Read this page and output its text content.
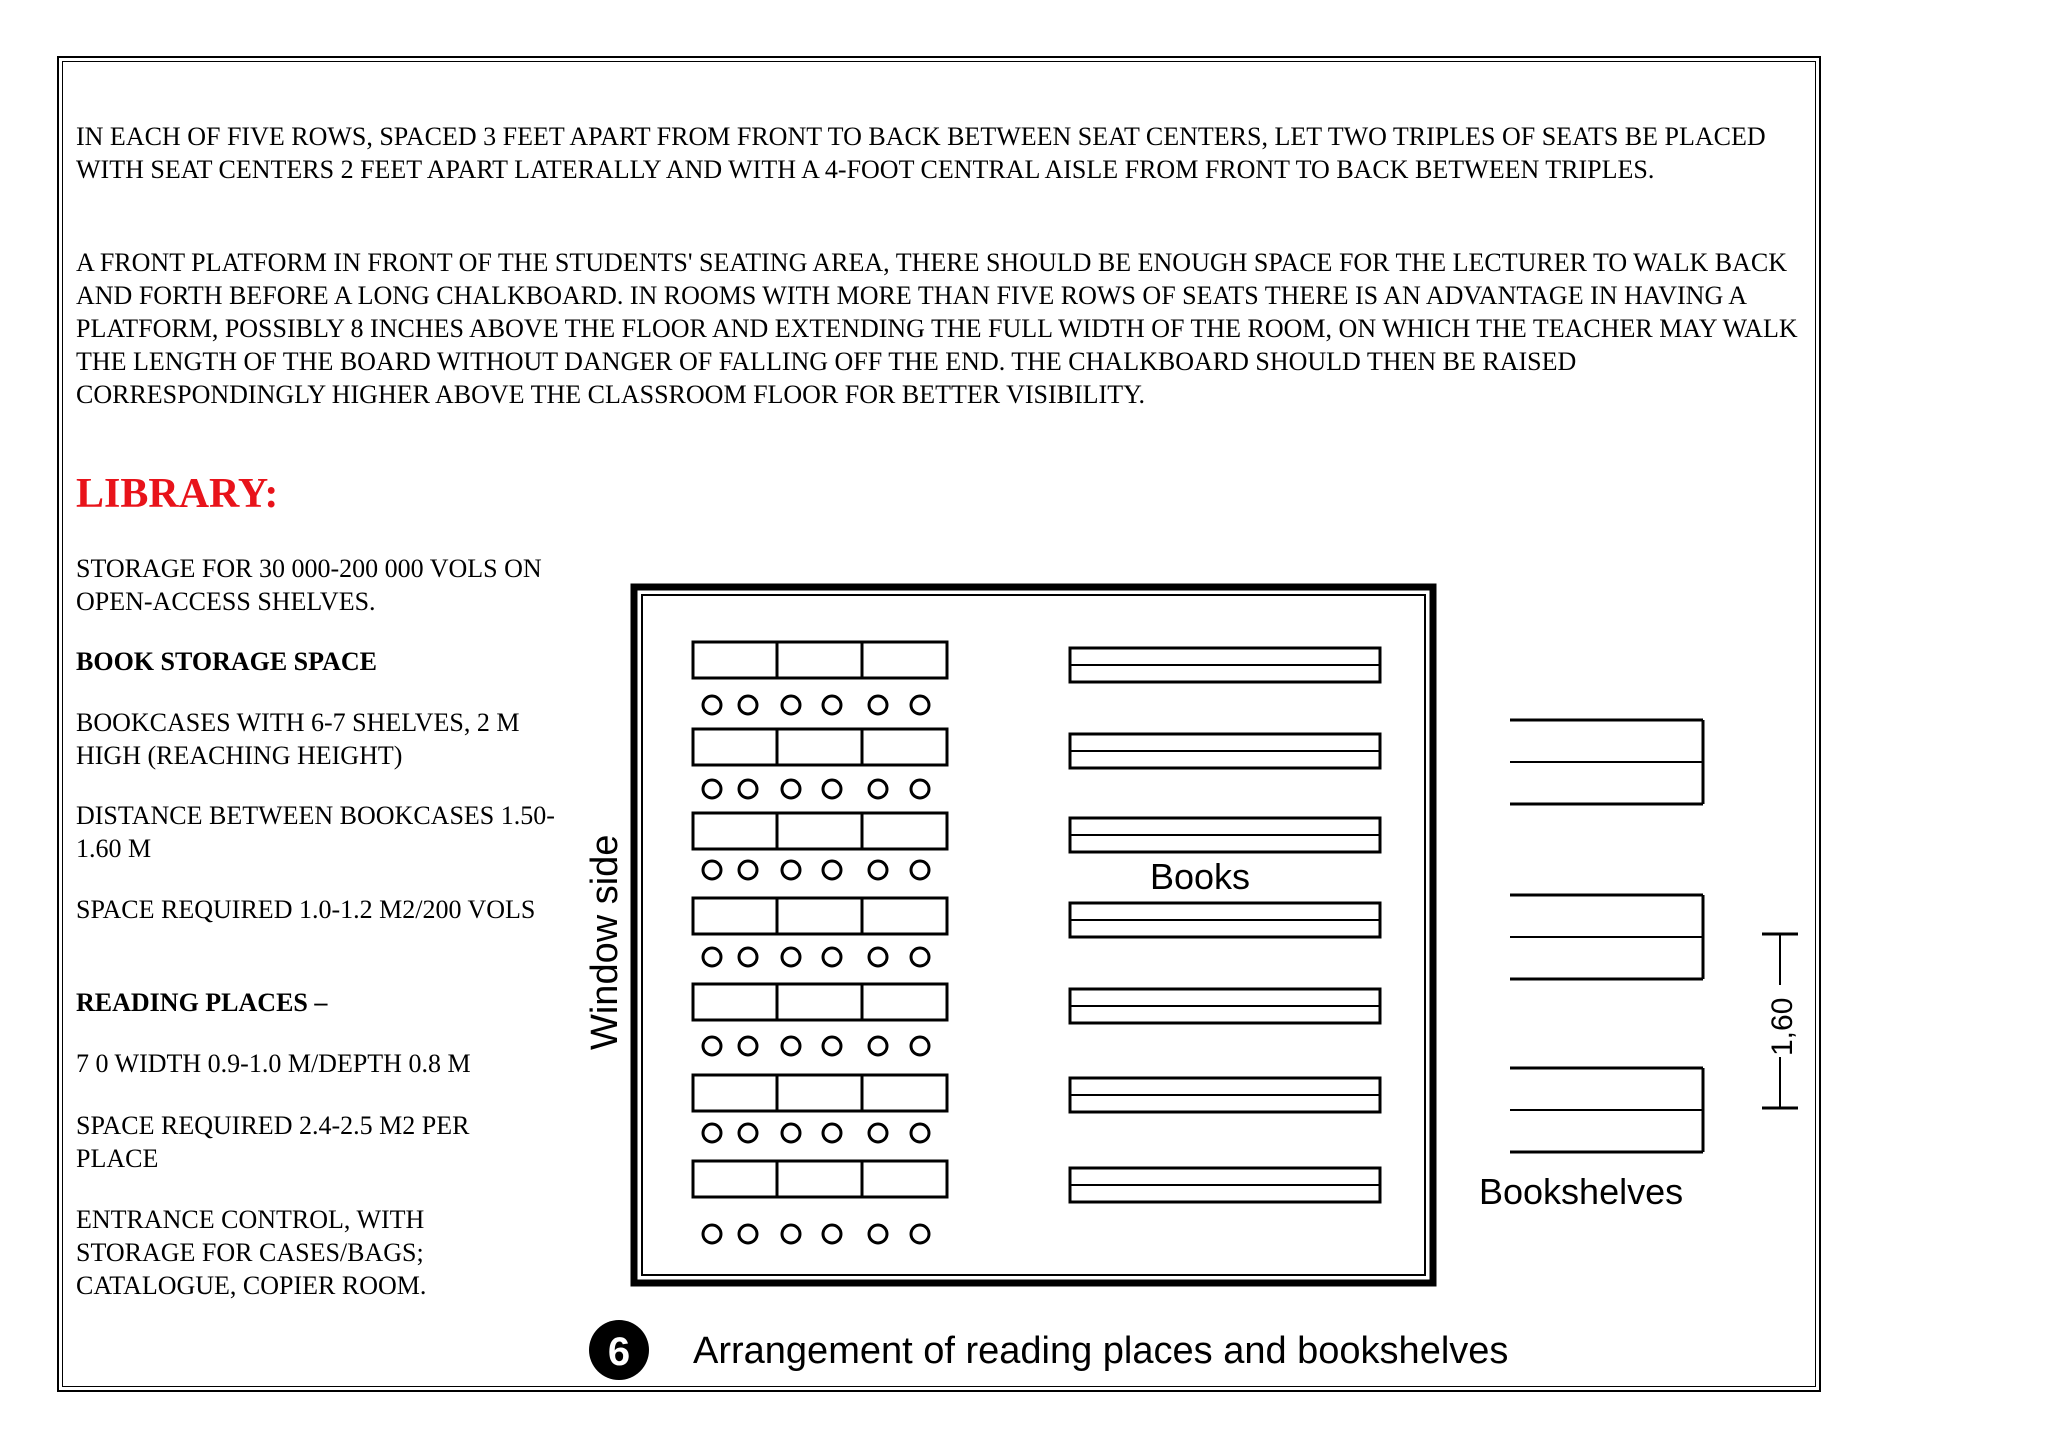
IN EACH OF FIVE ROWS, SPACED 3 FEET APART FROM FRONT TO BACK BETWEEN SEAT CENTERS, LET TWO TRIPLES OF SEATS BE PLACED WITH SEAT CENTERS 2 FEET APART LATERALLY AND WITH A 4-FOOT CENTRAL AISLE FROM FRONT TO BACK BETWEEN TRIPLES.
A FRONT PLATFORM IN FRONT OF THE STUDENTS' SEATING AREA, THERE SHOULD BE ENOUGH SPACE FOR THE LECTURER TO WALK BACK AND FORTH BEFORE A LONG CHALKBOARD. IN ROOMS WITH MORE THAN FIVE ROWS OF SEATS THERE IS AN ADVANTAGE IN HAVING A PLATFORM, POSSIBLY 8 INCHES ABOVE THE FLOOR AND EXTENDING THE FULL WIDTH OF THE ROOM, ON WHICH THE TEACHER MAY WALK THE LENGTH OF THE BOARD WITHOUT DANGER OF FALLING OFF THE END. THE CHALKBOARD SHOULD THEN BE RAISED CORRESPONDINGLY HIGHER ABOVE THE CLASSROOM FLOOR FOR BETTER VISIBILITY.
LIBRARY:
STORAGE FOR 30 000-200 000 VOLS ON OPEN-ACCESS SHELVES.
BOOK STORAGE SPACE
BOOKCASES WITH 6-7 SHELVES, 2 M HIGH (REACHING HEIGHT)
DISTANCE BETWEEN BOOKCASES 1.50-1.60 M
SPACE REQUIRED 1.0-1.2 M2/200 VOLS
READING PLACES –
7 0 WIDTH 0.9-1.0 M/DEPTH 0.8 M
SPACE REQUIRED 2.4-2.5 M2 PER PLACE
ENTRANCE CONTROL, WITH STORAGE FOR CASES/BAGS; CATALOGUE, COPIER ROOM.
Window side	Books
1,60
Bookshelves
6 Arrangement of reading places and bookshelves
